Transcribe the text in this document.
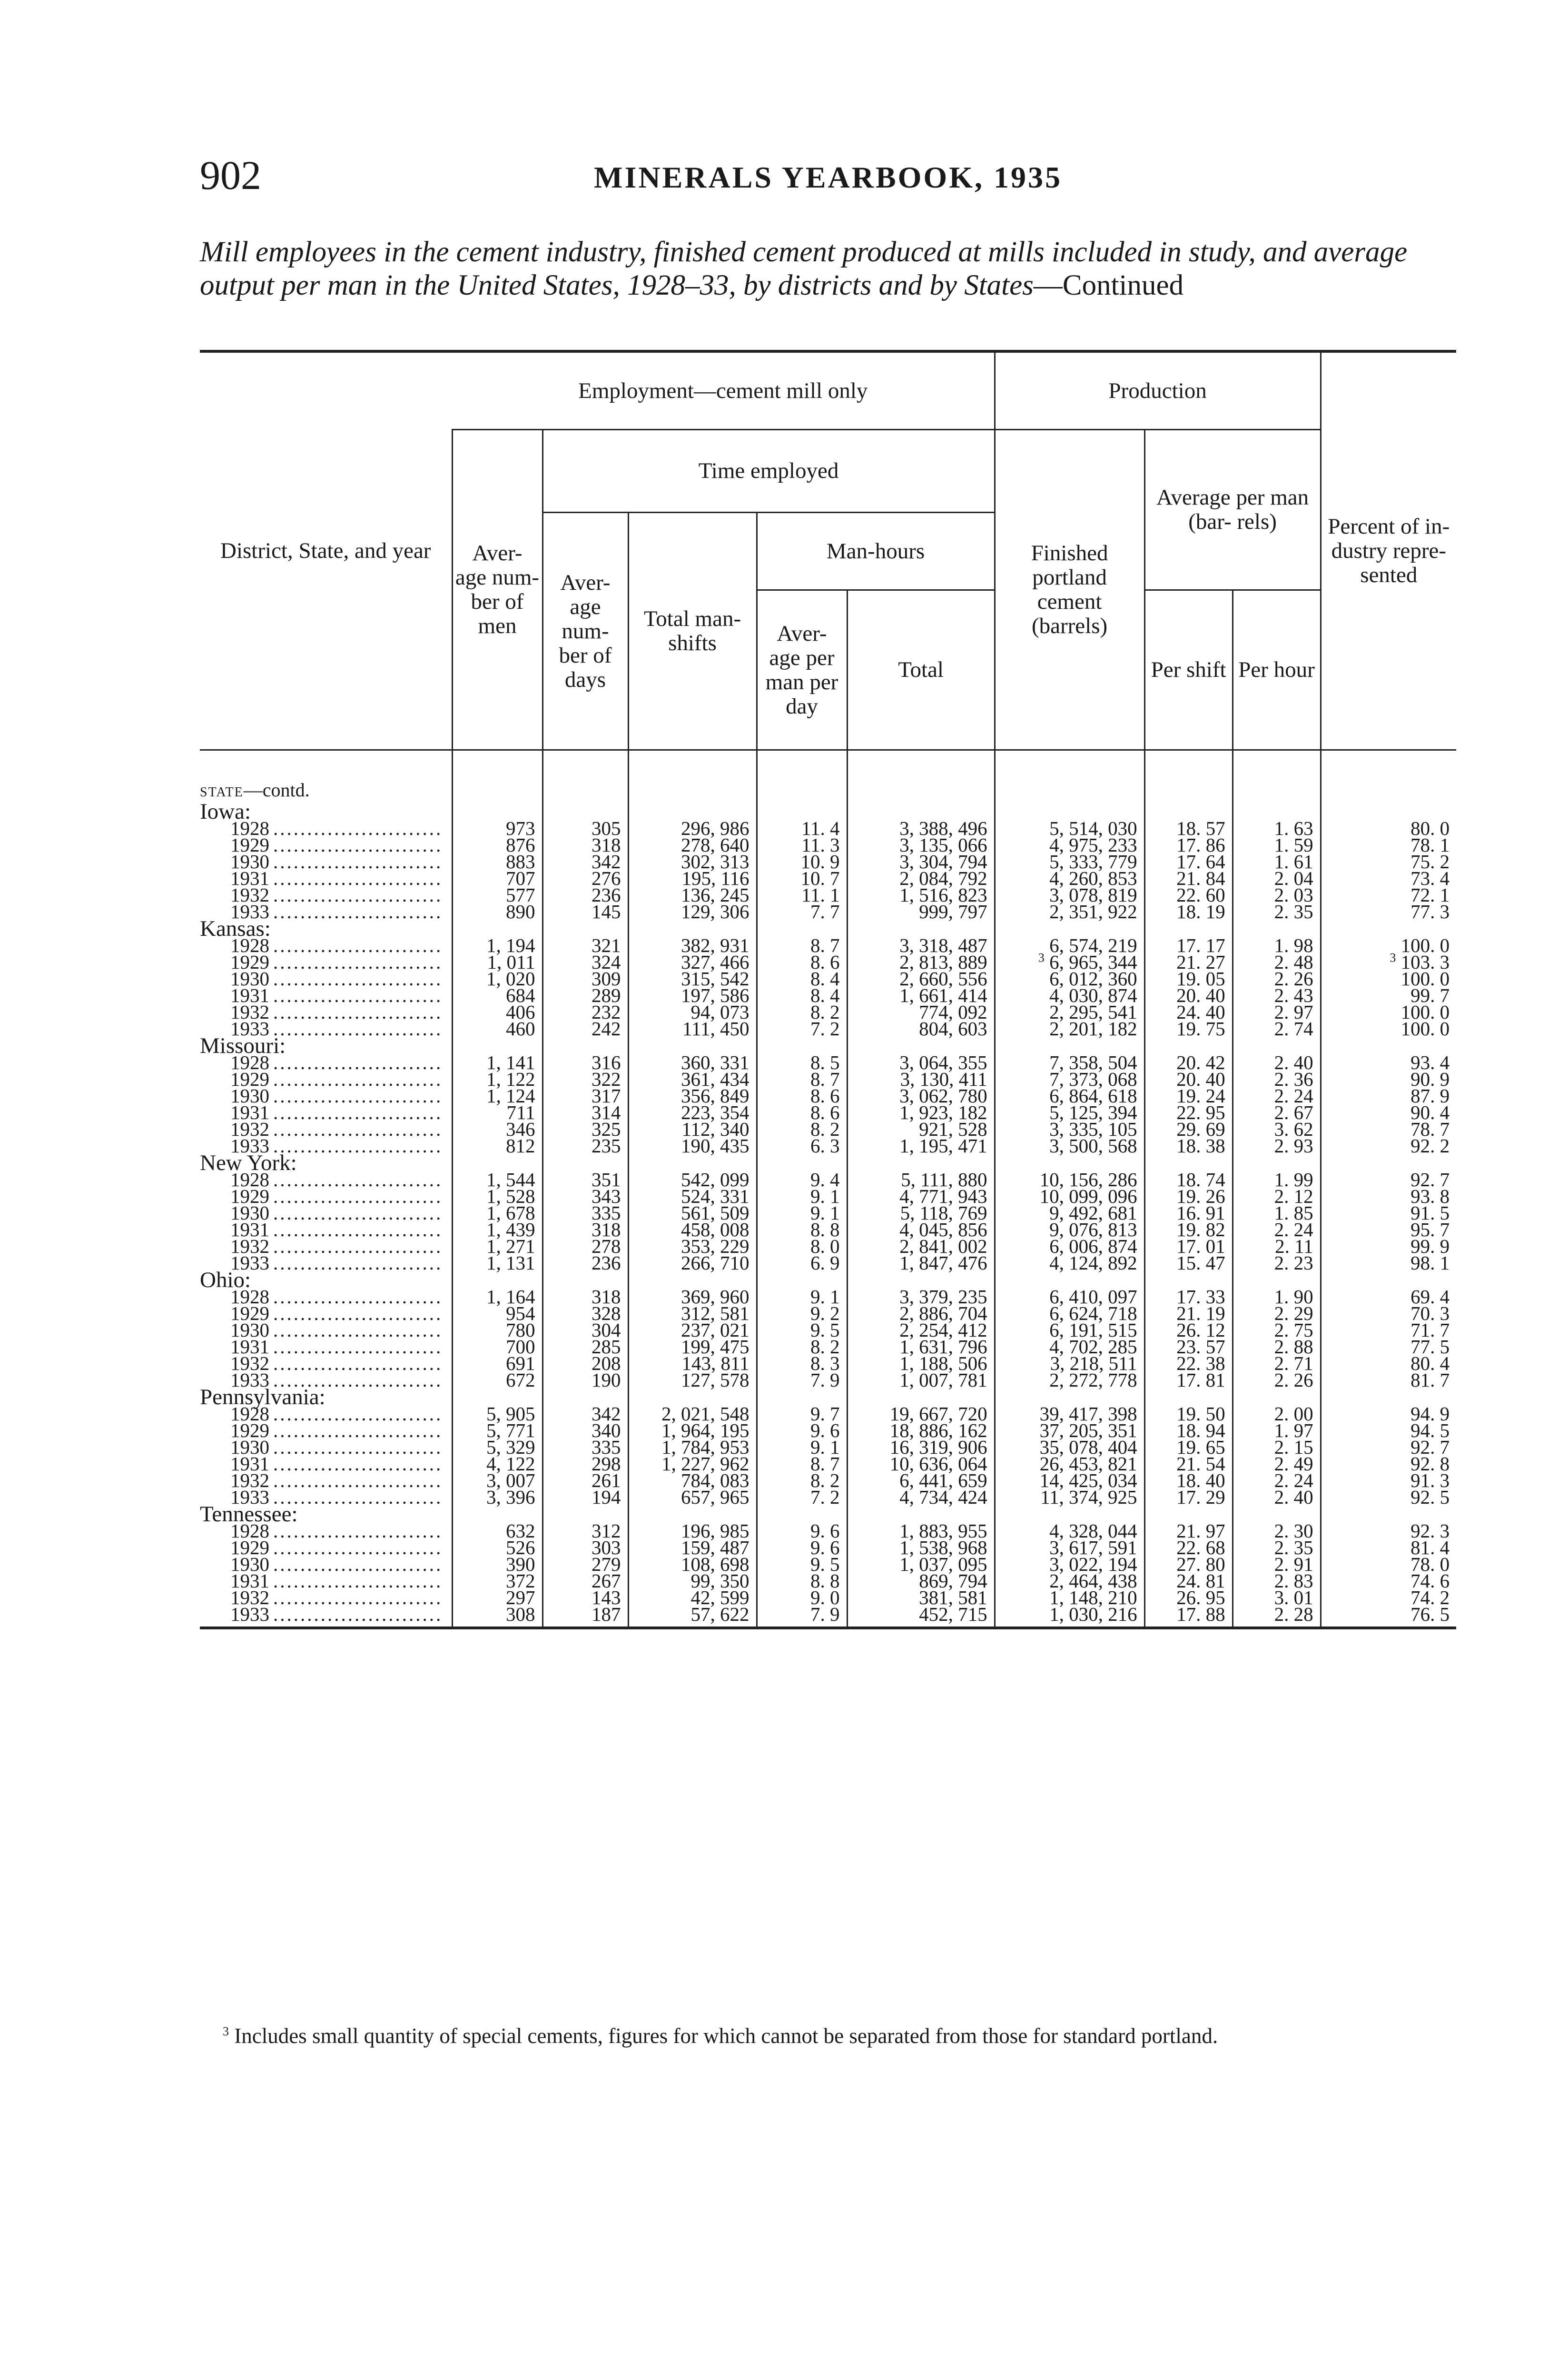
902	MINERALS YEARBOOK, 1935
Mill employees in the cement industry, finished cement produced at mills included in study, and average output per man in the United States, 1928–33, by districts and by States—Continued
District, State, and year	Employment—cement mill only					Production			Percent of in- dustry repre- sented
	Aver- age num- ber of men	Time employed				Finished portland cement (barrels)	Average per man (bar- rels)		
		Aver- age num- ber of days	Total man- shifts	Man-hours					
				Aver- age per man per day	Total		Per shift	Per hour	
state—contd.									
Iowa:									

1928
.....	973	305	296, 986	11. 4	3, 388, 496	5, 514, 030	18. 57	1. 63	80. 0

1929
.....	876	318	278, 640	11. 3	3, 135, 066	4, 975, 233	17. 86	1. 59	78. 1

1930
.....	883	342	302, 313	10. 9	3, 304, 794	5, 333, 779	17. 64	1. 61	75. 2

1931
.....	707	276	195, 116	10. 7	2, 084, 792	4, 260, 853	21. 84	2. 04	73. 4

1932
.....	577	236	136, 245	11. 1	1, 516, 823	3, 078, 819	22. 60	2. 03	72. 1

1933
.....	890	145	129, 306	7. 7	999, 797	2, 351, 922	18. 19	2. 35	77. 3
Kansas:									

1928
.....	1, 194	321	382, 931	8. 7	3, 318, 487	6, 574, 219	17. 17	1. 98	100. 0

1929
.....	1, 011	324	327, 466	8. 6	2, 813, 889	$^3$ 6, 965, 344	21. 27	2. 48	$^3$ 103. 3

1930
.....	1, 020	309	315, 542	8. 4	2, 660, 556	6, 012, 360	19. 05	2. 26	100. 0

1931
.....	684	289	197, 586	8. 4	1, 661, 414	4, 030, 874	20. 40	2. 43	99. 7

1932
.....	406	232	94, 073	8. 2	774, 092	2, 295, 541	24. 40	2. 97	100. 0

1933
.....	460	242	111, 450	7. 2	804, 603	2, 201, 182	19. 75	2. 74	100. 0
Missouri:									

1928
.....	1, 141	316	360, 331	8. 5	3, 064, 355	7, 358, 504	20. 42	2. 40	93. 4

1929
.....	1, 122	322	361, 434	8. 7	3, 130, 411	7, 373, 068	20. 40	2. 36	90. 9

1930
.....	1, 124	317	356, 849	8. 6	3, 062, 780	6, 864, 618	19. 24	2. 24	87. 9

1931
.....	711	314	223, 354	8. 6	1, 923, 182	5, 125, 394	22. 95	2. 67	90. 4

1932
.....	346	325	112, 340	8. 2	921, 528	3, 335, 105	29. 69	3. 62	78. 7

1933
.....	812	235	190, 435	6. 3	1, 195, 471	3, 500, 568	18. 38	2. 93	92. 2
New York:									

1928
.....	1, 544	351	542, 099	9. 4	5, 111, 880	10, 156, 286	18. 74	1. 99	92. 7

1929
.....	1, 528	343	524, 331	9. 1	4, 771, 943	10, 099, 096	19. 26	2. 12	93. 8

1930
.....	1, 678	335	561, 509	9. 1	5, 118, 769	9, 492, 681	16. 91	1. 85	91. 5

1931
.....	1, 439	318	458, 008	8. 8	4, 045, 856	9, 076, 813	19. 82	2. 24	95. 7

1932
.....	1, 271	278	353, 229	8. 0	2, 841, 002	6, 006, 874	17. 01	2. 11	99. 9

1933
.....	1, 131	236	266, 710	6. 9	1, 847, 476	4, 124, 892	15. 47	2. 23	98. 1
Ohio:									

1928
.....	1, 164	318	369, 960	9. 1	3, 379, 235	6, 410, 097	17. 33	1. 90	69. 4

1929
.....	954	328	312, 581	9. 2	2, 886, 704	6, 624, 718	21. 19	2. 29	70. 3

1930
.....	780	304	237, 021	9. 5	2, 254, 412	6, 191, 515	26. 12	2. 75	71. 7

1931
.....	700	285	199, 475	8. 2	1, 631, 796	4, 702, 285	23. 57	2. 88	77. 5

1932
.....	691	208	143, 811	8. 3	1, 188, 506	3, 218, 511	22. 38	2. 71	80. 4

1933
.....	672	190	127, 578	7. 9	1, 007, 781	2, 272, 778	17. 81	2. 26	81. 7
Pennsylvania:									

1928
.....	5, 905	342	2, 021, 548	9. 7	19, 667, 720	39, 417, 398	19. 50	2. 00	94. 9

1929
.....	5, 771	340	1, 964, 195	9. 6	18, 886, 162	37, 205, 351	18. 94	1. 97	94. 5

1930
.....	5, 329	335	1, 784, 953	9. 1	16, 319, 906	35, 078, 404	19. 65	2. 15	92. 7

1931
.....	4, 122	298	1, 227, 962	8. 7	10, 636, 064	26, 453, 821	21. 54	2. 49	92. 8

1932
.....	3, 007	261	784, 083	8. 2	6, 441, 659	14, 425, 034	18. 40	2. 24	91. 3

1933
.....	3, 396	194	657, 965	7. 2	4, 734, 424	11, 374, 925	17. 29	2. 40	92. 5
Tennessee:									

1928
.....	632	312	196, 985	9. 6	1, 883, 955	4, 328, 044	21. 97	2. 30	92. 3

1929
.....	526	303	159, 487	9. 6	1, 538, 968	3, 617, 591	22. 68	2. 35	81. 4

1930
.....	390	279	108, 698	9. 5	1, 037, 095	3, 022, 194	27. 80	2. 91	78. 0

1931
.....	372	267	99, 350	8. 8	869, 794	2, 464, 438	24. 81	2. 83	74. 6

1932
.....	297	143	42, 599	9. 0	381, 581	1, 148, 210	26. 95	3. 01	74. 2

1933
.....	308	187	57, 622	7. 9	452, 715	1, 030, 216	17. 88	2. 28	76. 5
$^3$ Includes small quantity of special cements, figures for which cannot be separated from those for standard portland.
